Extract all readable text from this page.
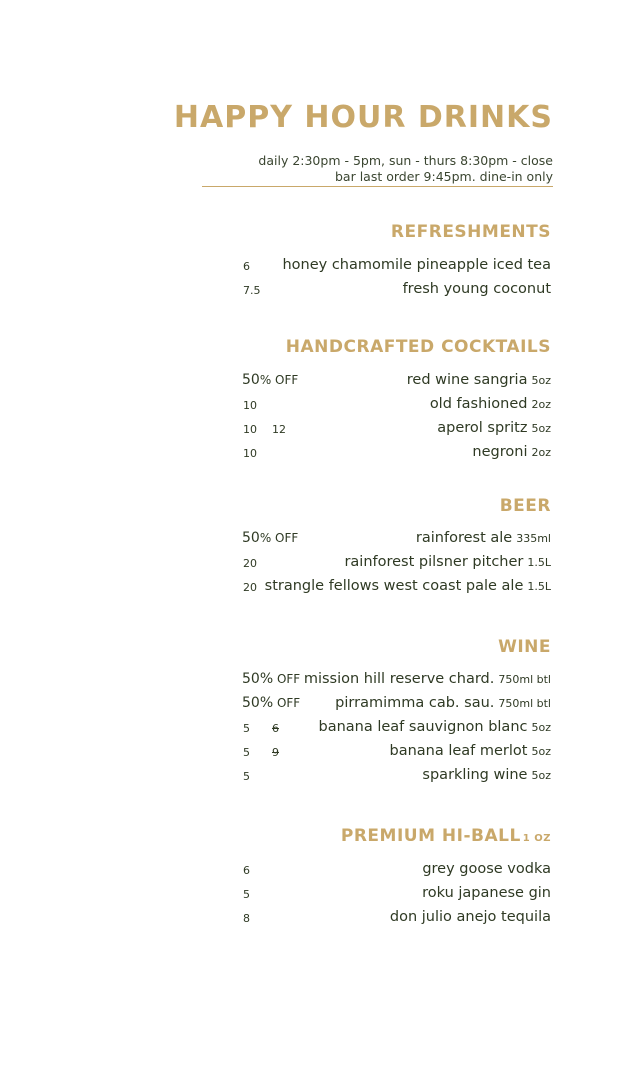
HAPPY HOUR DRINKS
daily 2:30pm - 5pm, sun - thurs 8:30pm - close
bar last order 9:45pm. dine-in only
REFRESHMENTS
6 honey chamomile pineapple iced tea
7.5	fresh young coconut
HANDCRAFTED COCKTAILS
50% OFF	red wine sangria 5oz
10	old fashioned 2oz
10 12	aperol spritz 5oz
10	negroni 2oz
BEER
50% OFF	rainforest ale 335ml
20	rainforest pilsner pitcher 1.5L
20 strangle fellows west coast pale ale 1.5L
WINE
50% OFF mission hill reserve chard. 750ml btl
50% OFF pirramimma cab. sau. 750ml btl
5 6	banana leaf sauvignon blanc 5oz
5 9	banana leaf merlot 5oz
5	sparkling wine 5oz
PREMIUM HI-BALL 1 OZ
6	grey goose vodka
5	roku japanese gin
8	don julio anejo tequila
